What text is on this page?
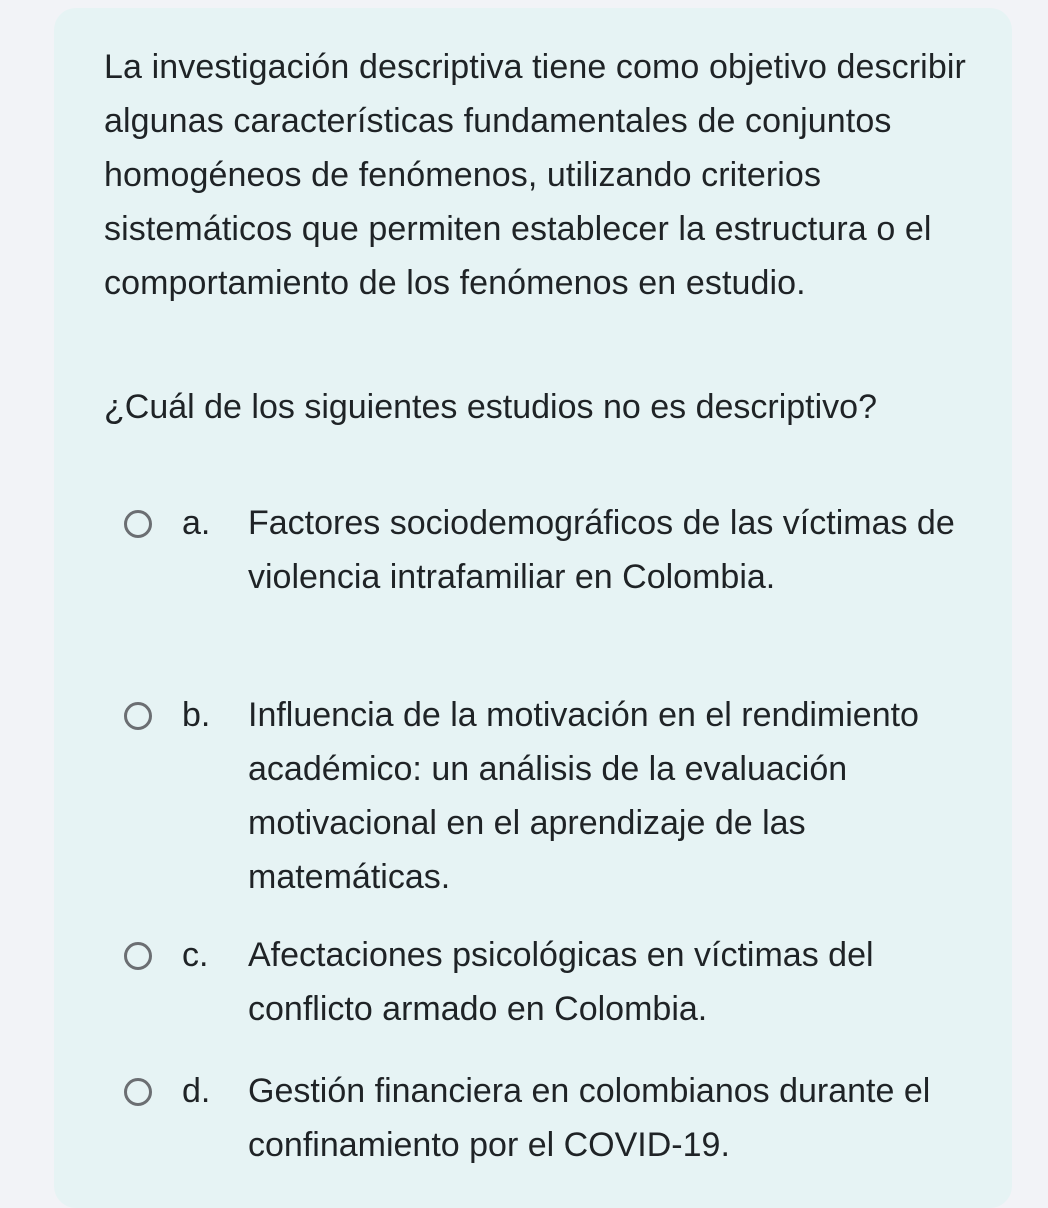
La investigación descriptiva tiene como objetivo describir algunas características fundamentales de conjuntos homogéneos de fenómenos, utilizando criterios sistemáticos que permiten establecer la estructura o el comportamiento de los fenómenos en estudio.
¿Cuál de los siguientes estudios no es descriptivo?
a. Factores sociodemográficos de las víctimas de violencia intrafamiliar en Colombia.
b. Influencia de la motivación en el rendimiento académico: un análisis de la evaluación motivacional en el aprendizaje de las matemáticas.
c. Afectaciones psicológicas en víctimas del conflicto armado en Colombia.
d. Gestión financiera en colombianos durante el confinamiento por el COVID-19.
